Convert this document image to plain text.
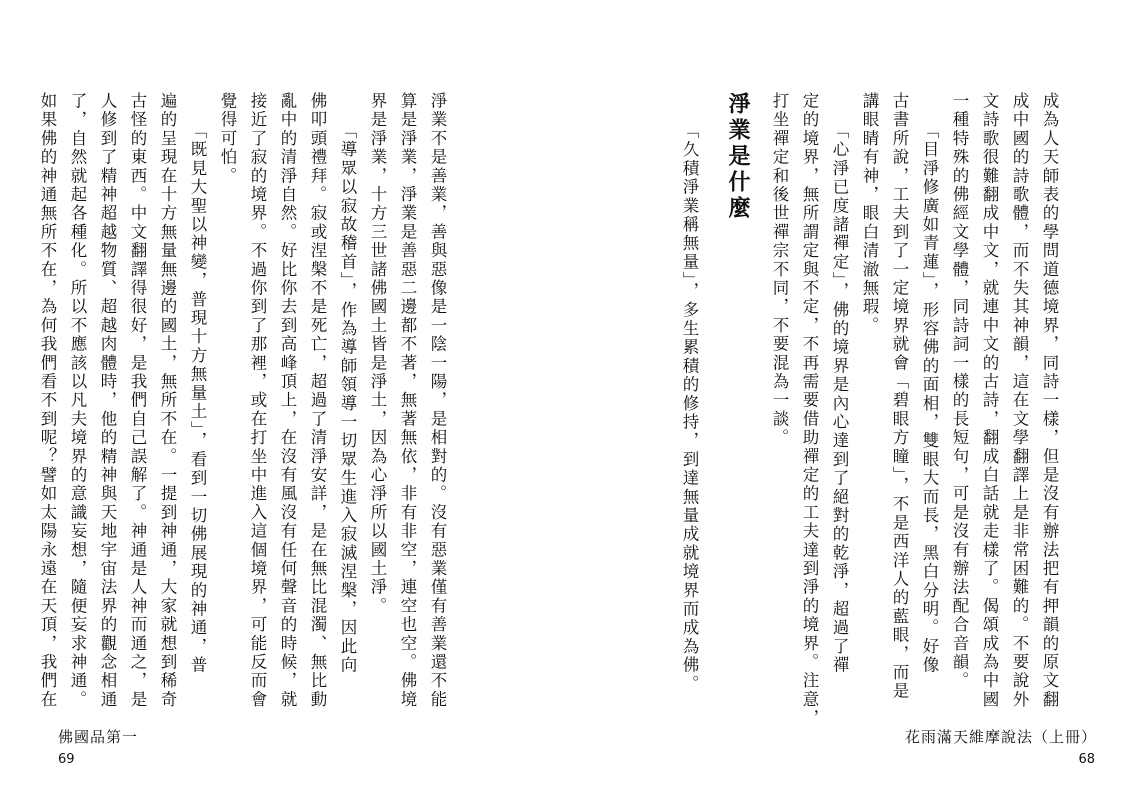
成為人天師表的學問道德境界，同詩一樣，但是沒有辦法把有押韻的原文翻
成中國的詩歌體，而不失其神韻，這在文學翻譯上是非常困難的。不要說外
文詩歌很難翻成中文，就連中文的古詩，翻成白話就走樣了。偈頌成為中國
一種特殊的佛經文學體，同詩詞一樣的長短句，可是沒有辦法配合音韻。
「目淨修廣如青蓮」，形容佛的面相，雙眼大而長，黑白分明。好像
古書所說，工夫到了一定境界就會「碧眼方瞳」，不是西洋人的藍眼，而是
講眼睛有神，眼白清澈無瑕。
「心淨已度諸禪定」，佛的境界是內心達到了絕對的乾淨，超過了禪
定的境界，無所謂定與不定，不再需要借助禪定的工夫達到淨的境界。注意，
打坐禪定和後世禪宗不同，不要混為一談。
淨業是什麼
「久積淨業稱無量」，多生累積的修持，到達無量成就境界而成為佛。
花雨滿天維摩說法（上冊）
68
淨業不是善業，善與惡像是一陰一陽，是相對的。沒有惡業僅有善業還不能
算是淨業，淨業是善惡二邊都不著，無著無依，非有非空，連空也空。佛境
界是淨業，十方三世諸佛國土皆是淨土，因為心淨所以國土淨。
「導眾以寂故稽首」，作為導師領導一切眾生進入寂滅涅槃，因此向
佛叩頭禮拜。寂或涅槃不是死亡，超過了清淨安詳，是在無比混濁、無比動
亂中的清淨自然。好比你去到高峰頂上，在沒有風沒有任何聲音的時候，就
接近了寂的境界。不過你到了那裡，或在打坐中進入這個境界，可能反而會
覺得可怕。
「既見大聖以神變，普現十方無量土」，看到一切佛展現的神通，普
遍的呈現在十方無量無邊的國土，無所不在。一提到神通，大家就想到稀奇
古怪的東西。中文翻譯得很好，是我們自己誤解了。神通是人神而通之，是
人修到了精神超越物質、超越肉體時，他的精神與天地宇宙法界的觀念相通
了，自然就起各種化。所以不應該以凡夫境界的意識妄想，隨便妄求神通。
如果佛的神通無所不在，為何我們看不到呢？譬如太陽永遠在天頂，我們在
佛國品第一
69
